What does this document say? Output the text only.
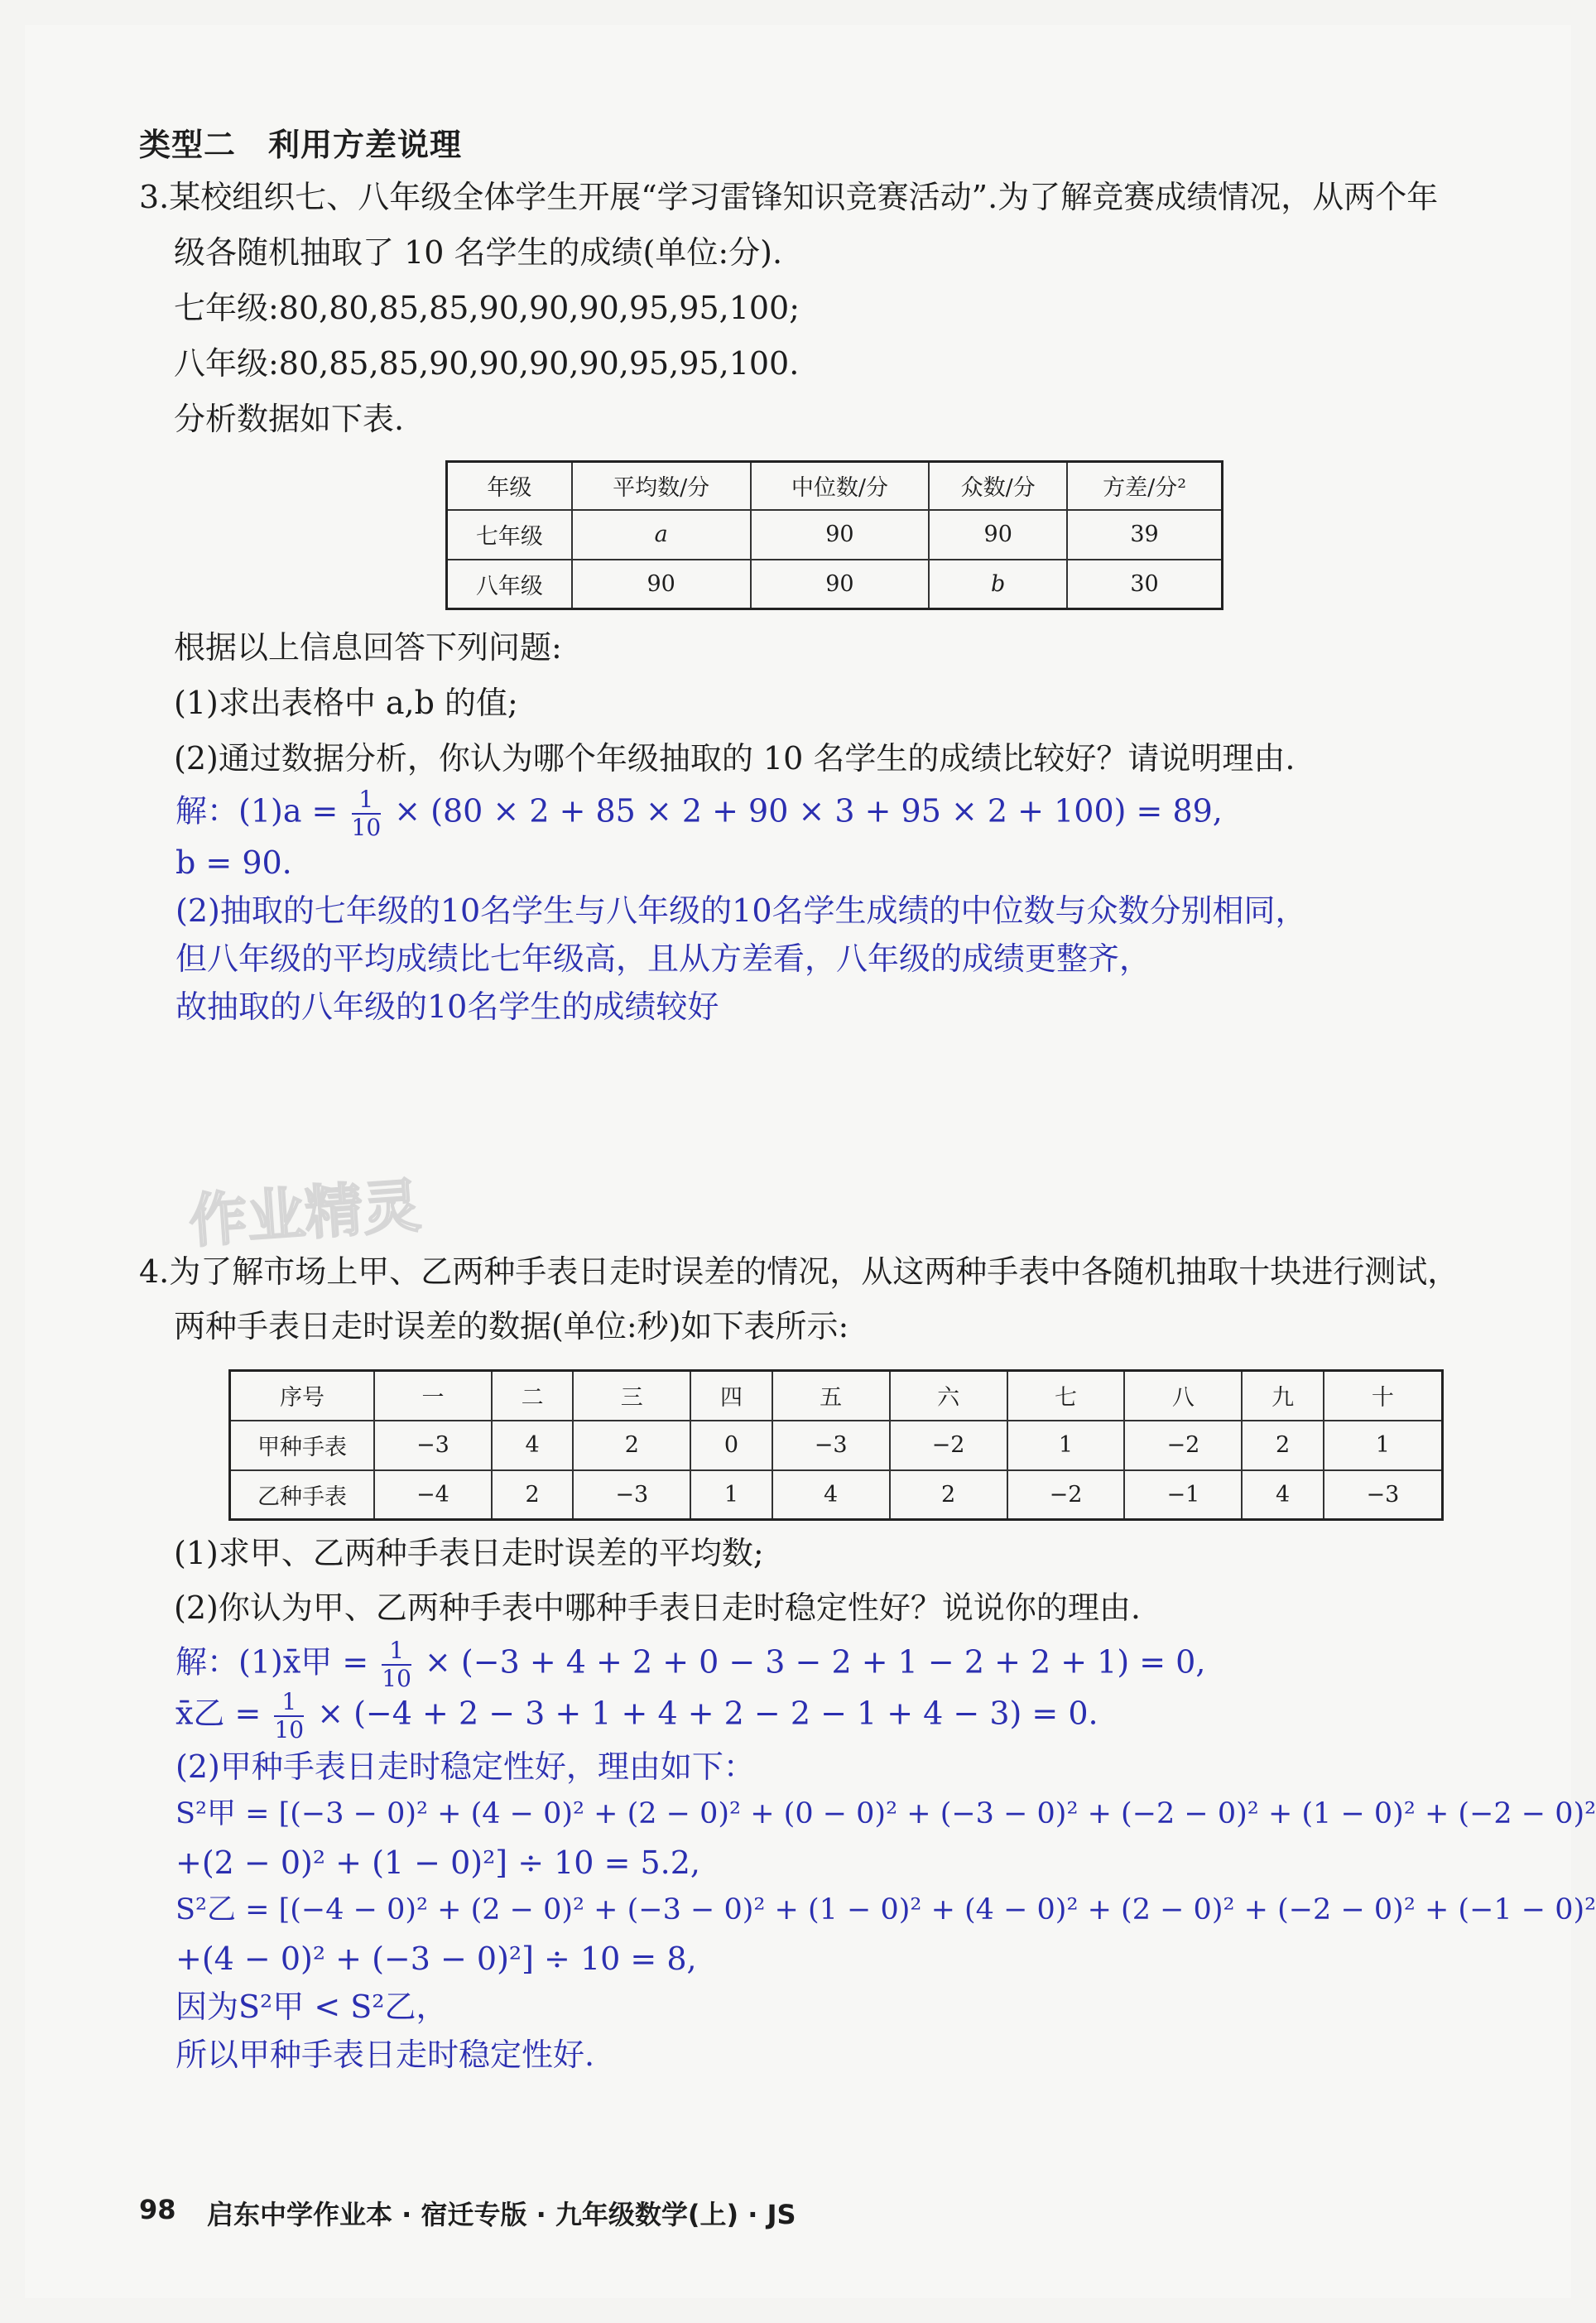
类型二　利用方差说理
3.某校组织七、八年级全体学生开展“学习雷锋知识竞赛活动”.为了解竞赛成绩情况，从两个年
级各随机抽取了 10 名学生的成绩(单位:分).
七年级:80,80,85,85,90,90,90,95,95,100;
八年级:80,85,85,90,90,90,90,95,95,100.
分析数据如下表.
年级	平均数/分	中位数/分	众数/分	方差/分²
七年级	a	90	90	39
八年级	90	90	b	30
根据以上信息回答下列问题:
(1)求出表格中 a,b 的值;
(2)通过数据分析，你认为哪个年级抽取的 10 名学生的成绩比较好？请说明理由.
解：$(1)a = \frac{1}{10} \times (80 \times 2 + 85 \times 2 + 90 \times 3 + 95 \times 2 + 100) = 89$,
b = 90.
(2)抽取的七年级的10名学生与八年级的10名学生成绩的中位数与众数分别相同，
但八年级的平均成绩比七年级高，且从方差看，八年级的成绩更整齐，
故抽取的八年级的10名学生的成绩较好
作业精灵
4.为了解市场上甲、乙两种手表日走时误差的情况，从这两种手表中各随机抽取十块进行测试，
两种手表日走时误差的数据(单位:秒)如下表所示:
序号	一	二	三	四	五	六	七	八	九	十
甲种手表	−3	4	2	0	−3	−2	1	−2	2	1
乙种手表	−4	2	−3	1	4	2	−2	−1	4	−3
(1)求甲、乙两种手表日走时误差的平均数;
(2)你认为甲、乙两种手表中哪种手表日走时稳定性好？说说你的理由.
解：(1)x̄甲 = $\frac{1}{10} \times (-3 + 4 + 2 + 0 - 3 - 2 + 1 - 2 + 2 + 1) = 0$,
x̄乙 = $\frac{1}{10} \times (-4 + 2 - 3 + 1 + 4 + 2 - 2 - 1 + 4 - 3) = 0$.
(2)甲种手表日走时稳定性好，理由如下：
S²甲 = [(−3 − 0)² + (4 − 0)² + (2 − 0)² + (0 − 0)² + (−3 − 0)² + (−2 − 0)² + (1 − 0)² + (−2 − 0)²
+(2 − 0)² + (1 − 0)²] ÷ 10 = 5.2,
S²乙 = [(−4 − 0)² + (2 − 0)² + (−3 − 0)² + (1 − 0)² + (4 − 0)² + (2 − 0)² + (−2 − 0)² + (−1 − 0)²
+(4 − 0)² + (−3 − 0)²] ÷ 10 = 8,
因为S²甲 < S²乙，
所以甲种手表日走时稳定性好.
98 启东中学作业本 · 宿迁专版 · 九年级数学(上) · JS
